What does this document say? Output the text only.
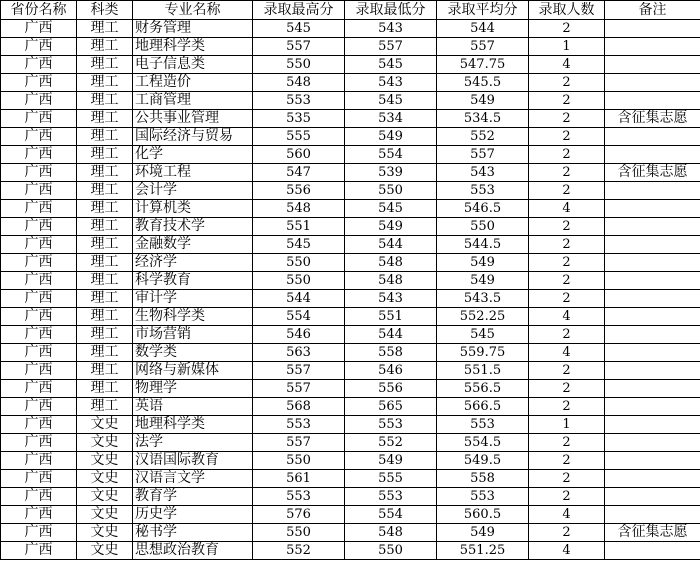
省份名称	科类	专业名称	录取最高分	录取最低分	录取平均分	录取人数	备注
广西	理工	财务管理	545	543	544	2	
广西	理工	地理科学类	557	557	557	1	
广西	理工	电子信息类	550	545	547.75	4	
广西	理工	工程造价	548	543	545.5	2	
广西	理工	工商管理	553	545	549	2	
广西	理工	公共事业管理	535	534	534.5	2	含征集志愿
广西	理工	国际经济与贸易	555	549	552	2	
广西	理工	化学	560	554	557	2	
广西	理工	环境工程	547	539	543	2	含征集志愿
广西	理工	会计学	556	550	553	2	
广西	理工	计算机类	548	545	546.5	4	
广西	理工	教育技术学	551	549	550	2	
广西	理工	金融数学	545	544	544.5	2	
广西	理工	经济学	550	548	549	2	
广西	理工	科学教育	550	548	549	2	
广西	理工	审计学	544	543	543.5	2	
广西	理工	生物科学类	554	551	552.25	4	
广西	理工	市场营销	546	544	545	2	
广西	理工	数学类	563	558	559.75	4	
广西	理工	网络与新媒体	557	546	551.5	2	
广西	理工	物理学	557	556	556.5	2	
广西	理工	英语	568	565	566.5	2	
广西	文史	地理科学类	553	553	553	1	
广西	文史	法学	557	552	554.5	2	
广西	文史	汉语国际教育	550	549	549.5	2	
广西	文史	汉语言文学	561	555	558	2	
广西	文史	教育学	553	553	553	2	
广西	文史	历史学	576	554	560.5	4	
广西	文史	秘书学	550	548	549	2	含征集志愿
广西	文史	思想政治教育	552	550	551.25	4	
